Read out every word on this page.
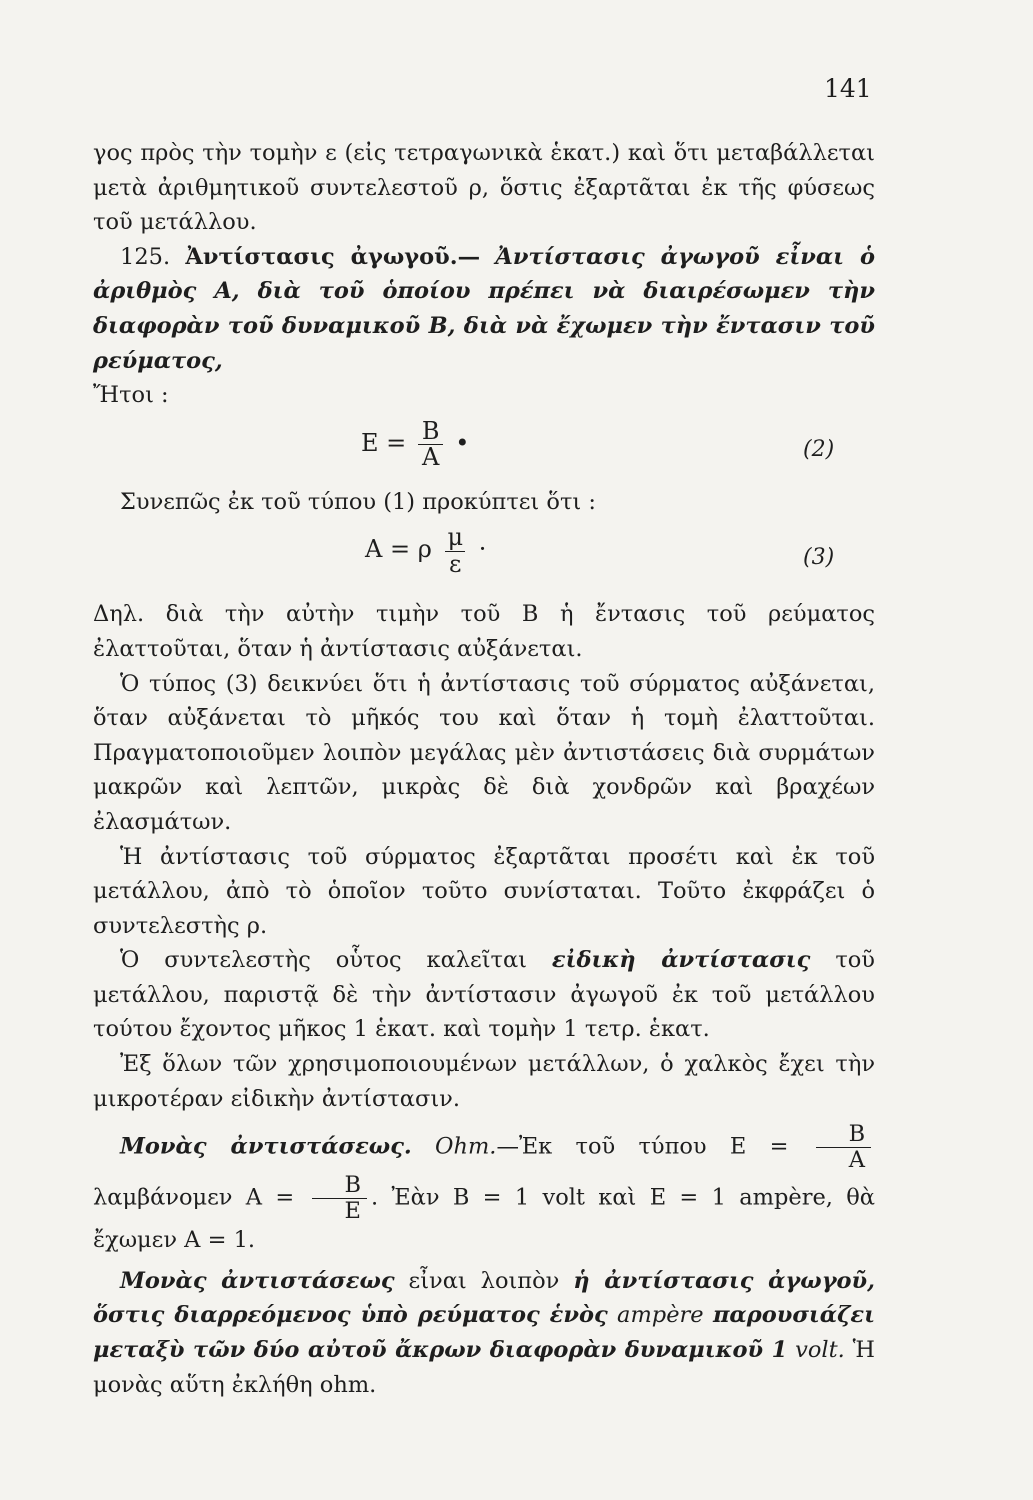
141

γος πρὸς τὴν τομὴν ε (εἰς τετραγωνικὰ ἑκατ.) καὶ ὅτι μεταβάλλεται μετὰ ἀριθμητικοῦ συντελεστοῦ ρ, ὅστις ἐξαρτᾶται ἐκ τῆς φύσεως τοῦ μετάλλου.

125. Ἀντίστασις ἀγωγοῦ.— Ἀντίστασις ἀγωγοῦ εἶναι ὁ ἀριθμὸς Α, διὰ τοῦ ὁποίου πρέπει νὰ διαιρέσωμεν τὴν διαφορὰν τοῦ δυναμικοῦ Β, διὰ νὰ ἔχωμεν τὴν ἔντασιν τοῦ ρεύματος,
Ἤτοι :

$E = \frac{B}{A}$ •	(2)

Συνεπῶς ἐκ τοῦ τύπου (1) προκύπτει ὅτι :

Α = ρ $\frac{\mu}{\varepsilon}$ ·	(3)

Δηλ. διὰ τὴν αὐτὴν τιμὴν τοῦ Β ἡ ἔντασις τοῦ ρεύματος ἐλαττοῦται, ὅταν ἡ ἀντίστασις αὐξάνεται.

Ὁ τύπος (3) δεικνύει ὅτι ἡ ἀντίστασις τοῦ σύρματος αὐξάνεται, ὅταν αὐξάνεται τὸ μῆκός του καὶ ὅταν ἡ τομὴ ἐλαττοῦται. Πραγματοποιοῦμεν λοιπὸν μεγάλας μὲν ἀντιστάσεις διὰ συρμάτων μακρῶν καὶ λεπτῶν, μικρὰς δὲ διὰ χονδρῶν καὶ βραχέων ἐλασμάτων.

Ἡ ἀντίστασις τοῦ σύρματος ἐξαρτᾶται προσέτι καὶ ἐκ τοῦ μετάλλου, ἀπὸ τὸ ὁποῖον τοῦτο συνίσταται. Τοῦτο ἐκφράζει ὁ συντελεστὴς ρ.

Ὁ συντελεστὴς οὗτος καλεῖται εἰδικὴ ἀντίστασις τοῦ μετάλλου, παριστᾷ δὲ τὴν ἀντίστασιν ἀγωγοῦ ἐκ τοῦ μετάλλου τούτου ἔχοντος μῆκος 1 ἑκατ. καὶ τομὴν 1 τετρ. ἑκατ.

Ἐξ ὅλων τῶν χρησιμοποιουμένων μετάλλων, ὁ χαλκὸς ἔχει τὴν μικροτέραν εἰδικὴν ἀντίστασιν.

Μονὰς ἀντιστάσεως. Ohm.—Ἐκ τοῦ τύπου $E = \frac{B}{A}$
λαμβάνομεν $A = \frac{B}{E}$ . Ἐὰν Β = 1 volt καὶ Ε = 1 ampère, θὰ ἔχωμεν Α = 1.

Μονὰς ἀντιστάσεως εἶναι λοιπὸν ἡ ἀντίστασις ἀγωγοῦ, ὅστις διαρρεόμενος ὑπὸ ρεύματος ἑνὸς ampère παρουσιάζει μεταξὺ τῶν δύο αὐτοῦ ἄκρων διαφορὰν δυναμικοῦ 1 volt. Ἡ μονὰς αὕτη ἐκλήθη ohm.
